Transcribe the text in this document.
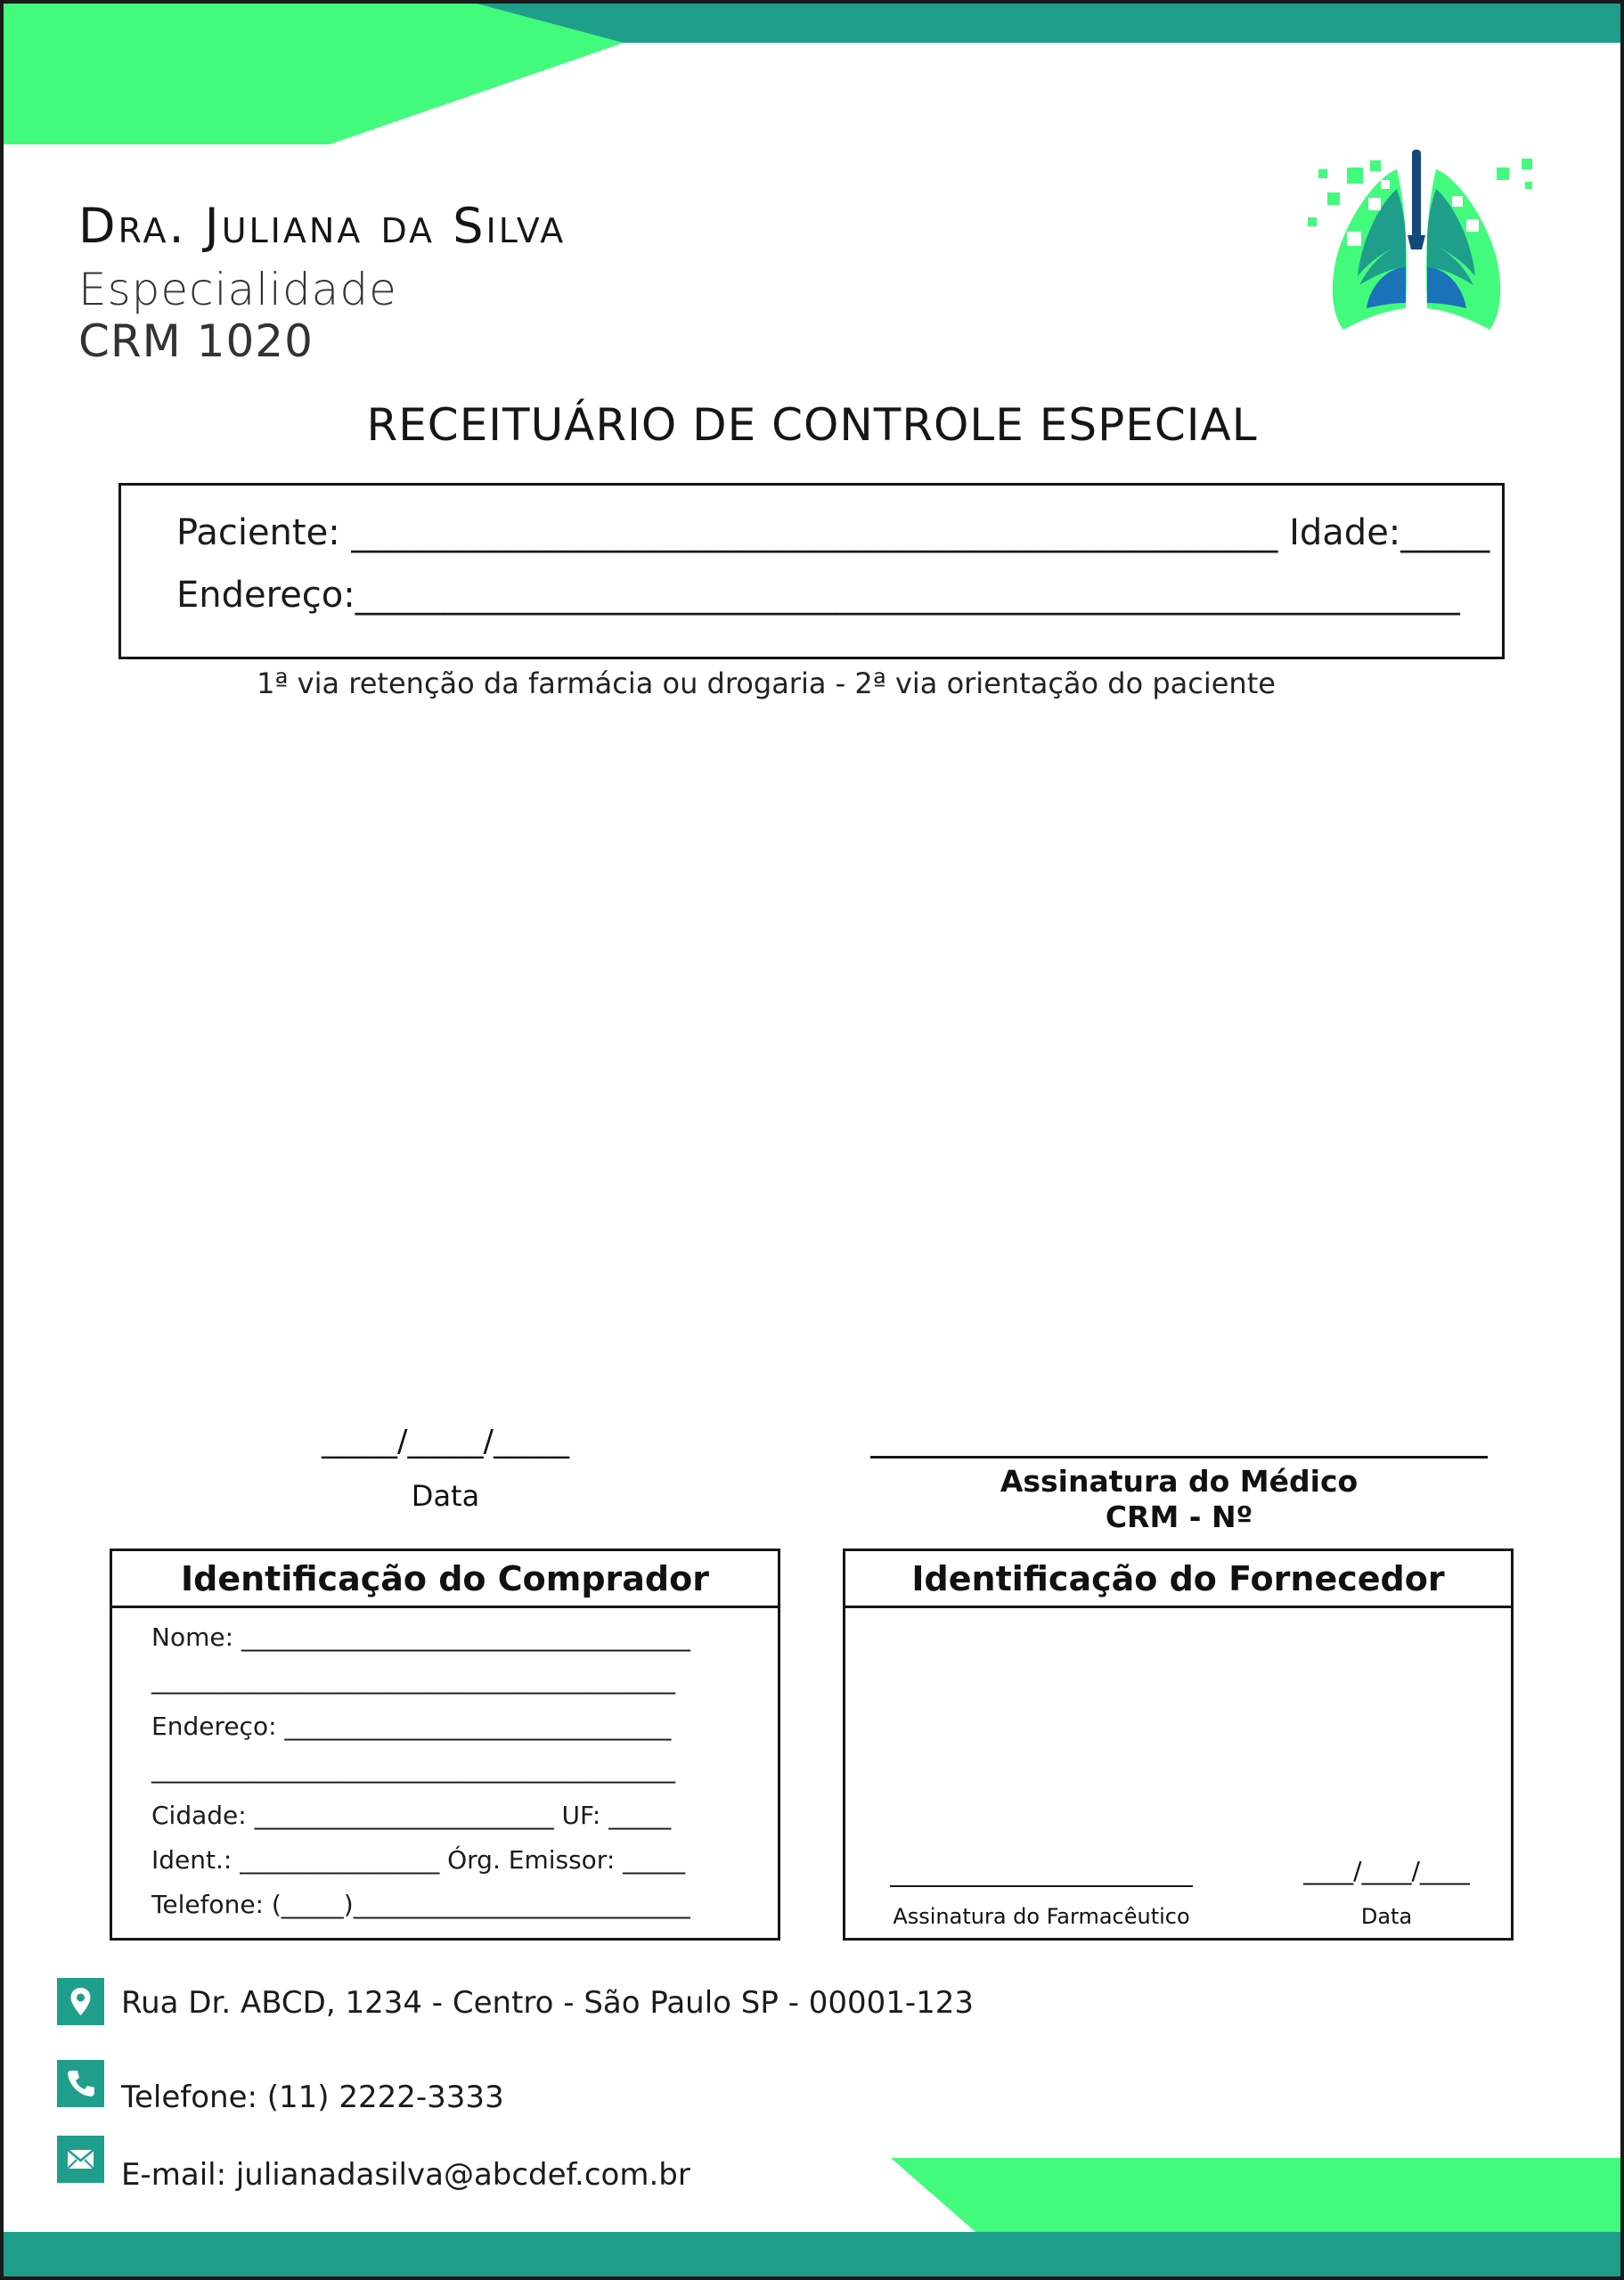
Dra. Juliana da Silva
Especialidade
CRM 1020
RECEITUÁRIO DE CONTROLE ESPECIAL
Paciente: ____________________________________________________ Idade:_____
Endereço:______________________________________________________________
1ª via retenção da farmácia ou drogaria - 2ª via orientação do paciente
_____/_____/_____
Data	Assinatura do Médico
CRM - Nº
Identificação do Comprador
Nome: ____________________________________
__________________________________________
Endereço: _______________________________
__________________________________________
Cidade: ________________________ UF: _____
Ident.: ________________ Órg. Emissor: _____
Telefone: (_____)___________________________
Identificação do Fornecedor
Assinatura do Farmacêutico
____/____/____
Data
Rua Dr. ABCD, 1234 - Centro - São Paulo SP - 00001-123
Telefone: (11) 2222-3333
E-mail: julianadasilva@abcdef.com.br
